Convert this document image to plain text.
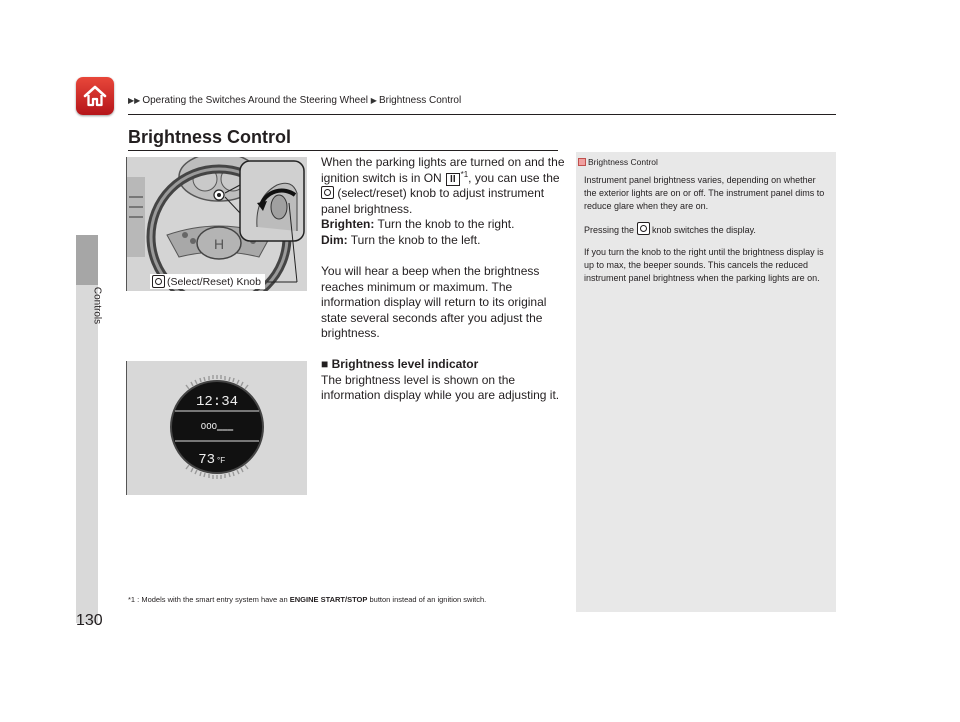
▶▶ Operating the Switches Around the Steering Wheel ▶ Brightness Control
Controls
130
Brightness Control
H
(Select/Reset) Knob
When the parking lights are turned on and the ignition switch is in ON II $^{*1}$, you can use the
(select/reset) knob to adjust instrument panel brightness.
Brighten: Turn the knob to the right.
Dim: Turn the knob to the left.
You will hear a beep when the brightness reaches minimum or maximum. The information display will return to its original state several seconds after you adjust the brightness.
■ Brightness level indicator
The brightness level is shown on the information display while you are adjusting it.
12:34
OOO‗‗‗
73 °F
*1 : Models with the smart entry system have an ENGINE START/STOP button instead of an ignition switch.
Brightness Control

Instrument panel brightness varies, depending on whether the exterior lights are on or off. The instrument panel dims to reduce glare when they are on.

Pressing the  knob switches the display.

If you turn the knob to the right until the brightness display is up to max, the beeper sounds. This cancels the reduced instrument panel brightness when the parking lights are on.
